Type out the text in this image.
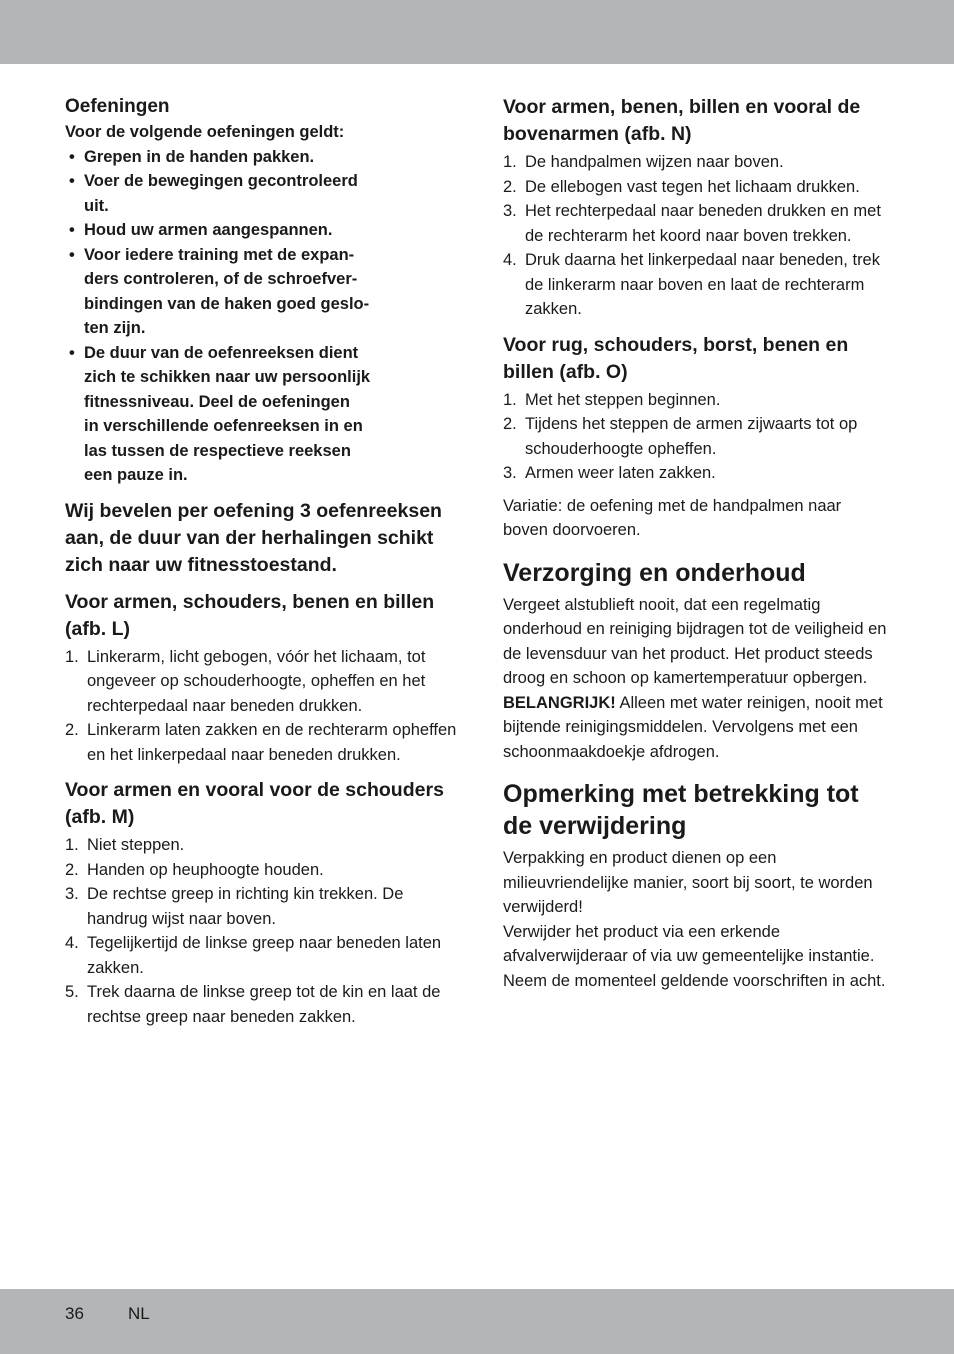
Oefeningen

Voor de volgende oefeningen geldt:

• Grepen in de handen pakken.
• Voer de bewegingen gecontroleerd
uit.
• Houd uw armen aangespannen.
• Voor iedere training met de expan-
ders controleren, of de schroefver-
bindingen van de haken goed geslo-
ten zijn.
• De duur van de oefenreeksen dient
zich te schikken naar uw persoonlijk
fitnessniveau. Deel de oefeningen
in verschillende oefenreeksen in en
las tussen de respectieve reeksen
een pauze in.

Wij bevelen per oefening 3 oefenreeksen aan, de duur van der herhalingen schikt zich naar uw fitnesstoestand.

Voor armen, schouders, benen en billen (afb. L)

1. Linkerarm, licht gebogen, vóór het lichaam, tot ongeveer op schouderhoogte, opheffen en het rechterpedaal naar beneden drukken.
2. Linkerarm laten zakken en de rechterarm opheffen en het linkerpedaal naar beneden drukken.

Voor armen en vooral voor de schouders (afb. M)

1. Niet steppen.
2. Handen op heuphoogte houden.
3. De rechtse greep in richting kin trekken. De handrug wijst naar boven.
4. Tegelijkertijd de linkse greep naar beneden laten zakken.
5. Trek daarna de linkse greep tot de kin en laat de rechtse greep naar beneden zakken.

Voor armen, benen, billen en vooral de bovenarmen (afb. N)

1. De handpalmen wijzen naar boven.
2. De ellebogen vast tegen het lichaam drukken.
3. Het rechterpedaal naar beneden drukken en met de rechterarm het koord naar boven trekken.
4. Druk daarna het linkerpedaal naar beneden, trek de linkerarm naar boven en laat de rechterarm zakken.

Voor rug, schouders, borst, benen en billen (afb. O)

1. Met het steppen beginnen.
2. Tijdens het steppen de armen zijwaarts tot op schouderhoogte opheffen.
3. Armen weer laten zakken.

Variatie: de oefening met de handpalmen naar boven doorvoeren.

Verzorging en onderhoud

Vergeet alstublieft nooit, dat een regelmatig onderhoud en reiniging bijdragen tot de veiligheid en de levensduur van het product. Het product steeds droog en schoon op kamertemperatuur opbergen.

BELANGRIJK! Alleen met water reinigen, nooit met bijtende reinigingsmiddelen. Vervolgens met een schoonmaakdoekje afdrogen.

Opmerking met betrekking tot de verwijdering

Verpakking en product dienen op een milieuvriendelijke manier, soort bij soort, te worden verwijderd!

Verwijder het product via een erkende afvalverwijderaar of via uw gemeentelijke instantie. Neem de momenteel geldende voorschriften in acht.

36	NL
